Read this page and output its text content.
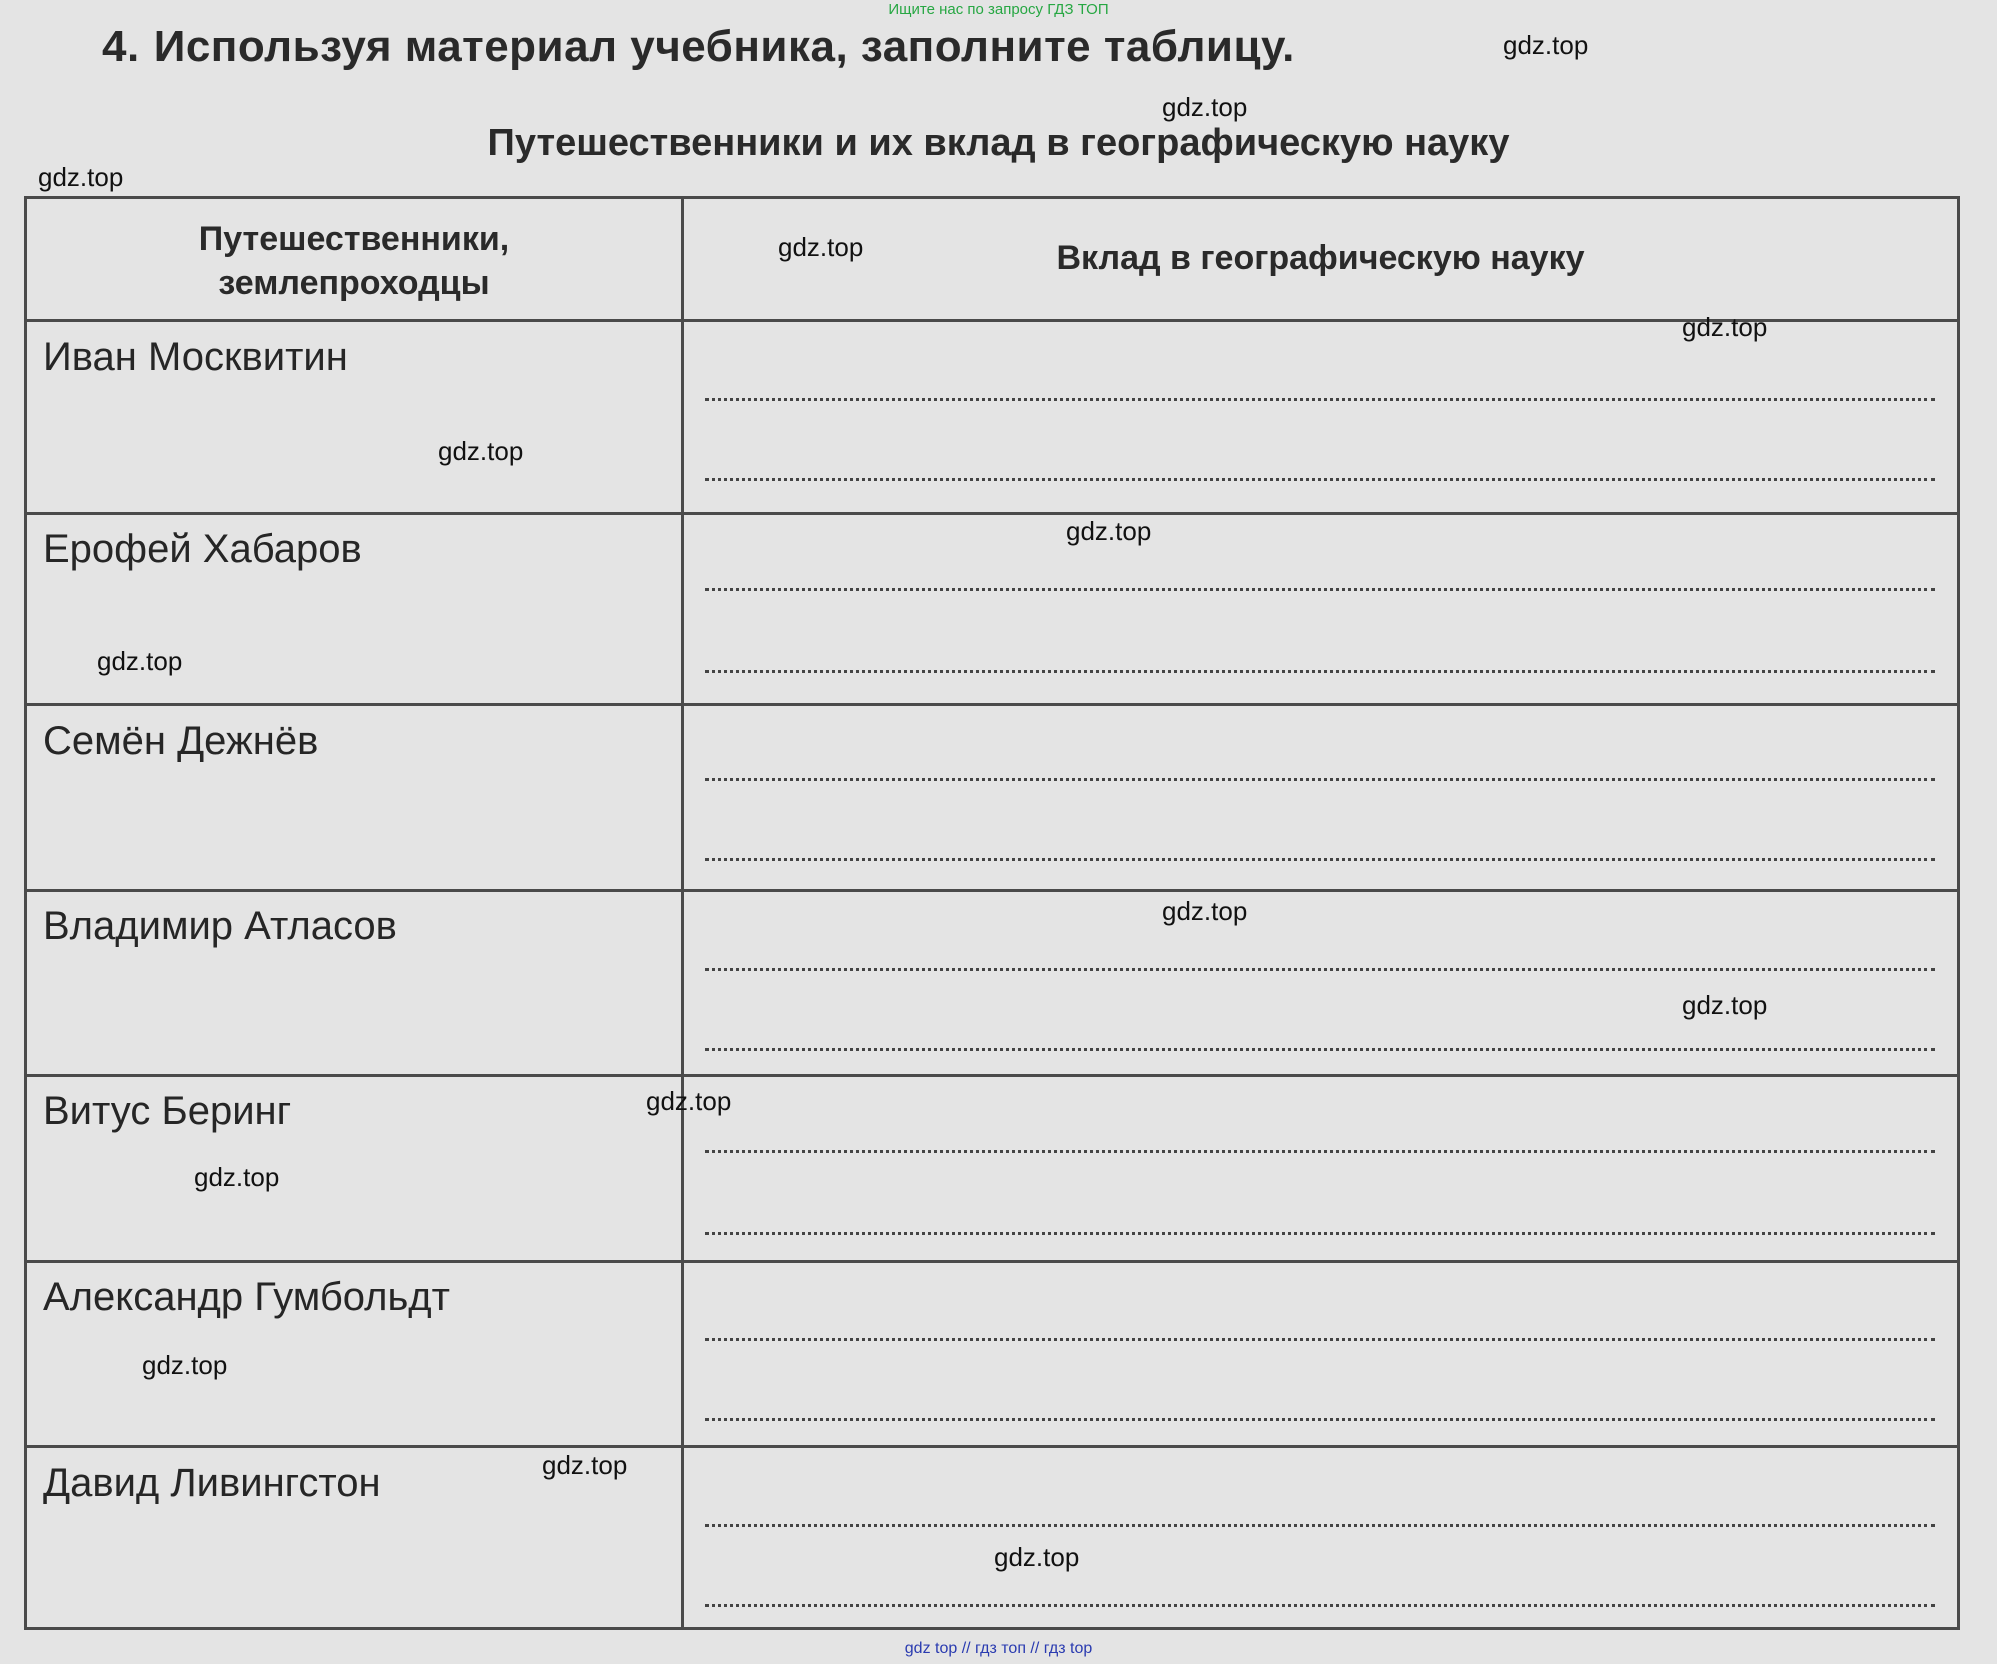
Ищите нас по запросу ГДЗ ТОП
4. Используя материал учебника, заполните таблицу.
Путешественники и их вклад в географическую науку
Путешественники,
землепроходцы
Вклад в географическую науку
Иван Москвитин
Ерофей Хабаров
Семён Дежнёв
Владимир Атласов
Витус Беринг
Александр Гумбольдт
Давид Ливингстон
gdz.top
gdz.top
gdz.top
gdz.top
gdz.top
gdz.top
gdz.top
gdz.top
gdz.top
gdz.top
gdz.top
gdz.top
gdz.top
gdz.top
gdz.top
gdz top // гдз топ // гдз top
